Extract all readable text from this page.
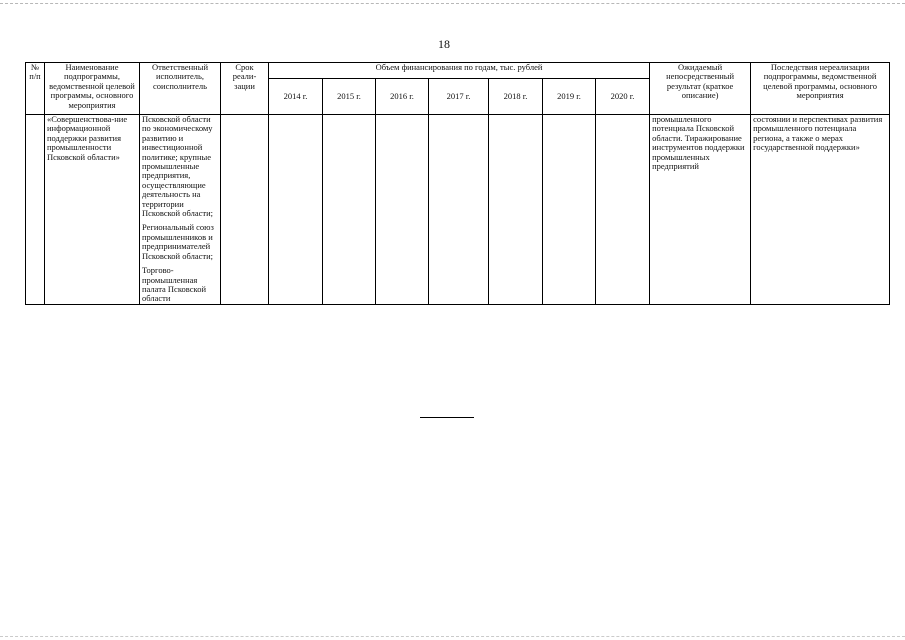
18
№ п/п	Наименование подпрограммы, ведомственной целевой программы, основного мероприятия	Ответственный исполнитель, соисполнитель	Срок реали-зации	Объем финансирования по годам, тыс. рублей							Ожидаемый непосредственный результат (краткое описание)	Последствия нереализации подпрограммы, ведомственной целевой программы, основного мероприятия
				2014 г.	2015 г.	2016 г.	2017 г.	2018 г.	2019 г.	2020 г.		
	«Совершенствова-ние информационной поддержки развития промышленности Псковской области»	Псковской области по экономическому развитию и инвестиционной политике; крупные промышленные предприятия, осуществляющие деятельность на территории Псковской области;
Региональный союз промышленников и предпринимателей Псковской области;
Торгово-промышленная палата Псковской области									промышленного потенциала Псковской области. Тиражирование инструментов поддержки промышленных предприятий	состоянии и перспективах развития промышленного потенциала региона, а также о мерах государственной поддержки»
